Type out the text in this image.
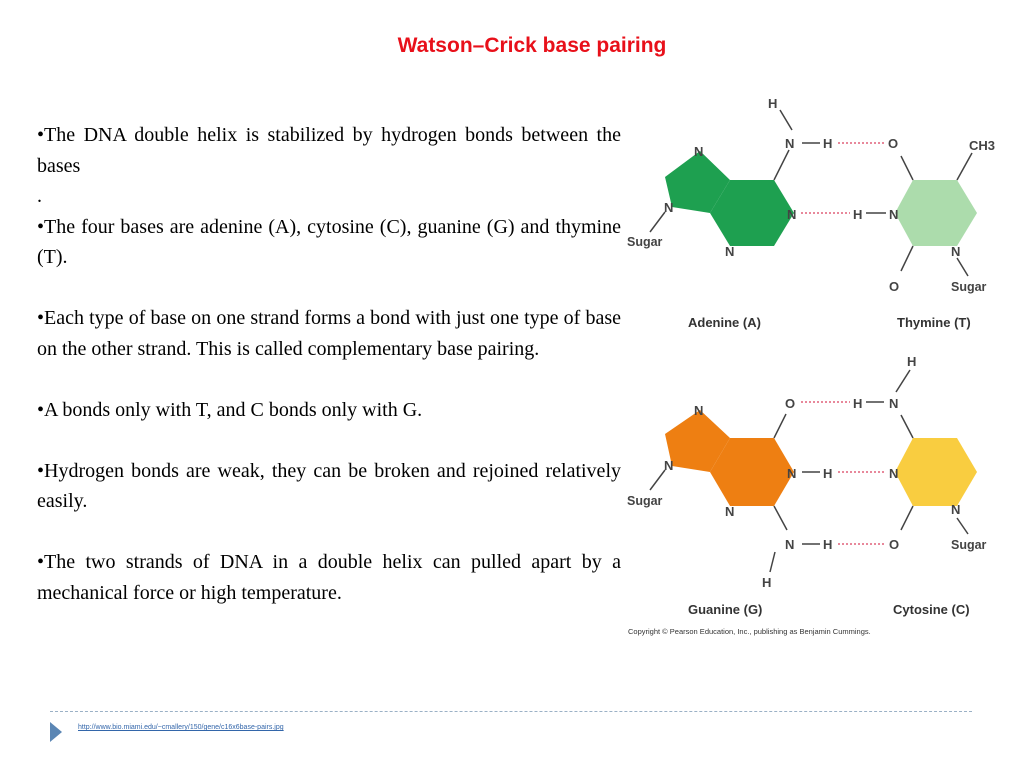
Watson–Crick base pairing

•The DNA double helix is stabilized by hydrogen bonds between the bases

.

•The four bases are adenine (A), cytosine (C), guanine (G) and thymine (T).

•Each type of base on one strand forms a bond with just one type of base on the other strand. This is called complementary base pairing.

•A bonds only with T, and C bonds only with G.

•Hydrogen bonds are weak, they can be broken and rejoined relatively easily.

•The two strands of DNA in a double helix can pulled apart by a mechanical force or high temperature.

N
N	N
N
N H
H
Sugar
O	CH3
H N
N
O	Sugar
Adenine (A)	Thymine (T)
N
N
N
N
O
N
H
H
H
Sugar
N
H
H
N
N
O	Sugar
Guanine (G)	Cytosine (C)
Copyright © Pearson Education, Inc., publishing as Benjamin Cummings.
http://www.bio.miami.edu/~cmallery/150/gene/c16x6base-pairs.jpg
